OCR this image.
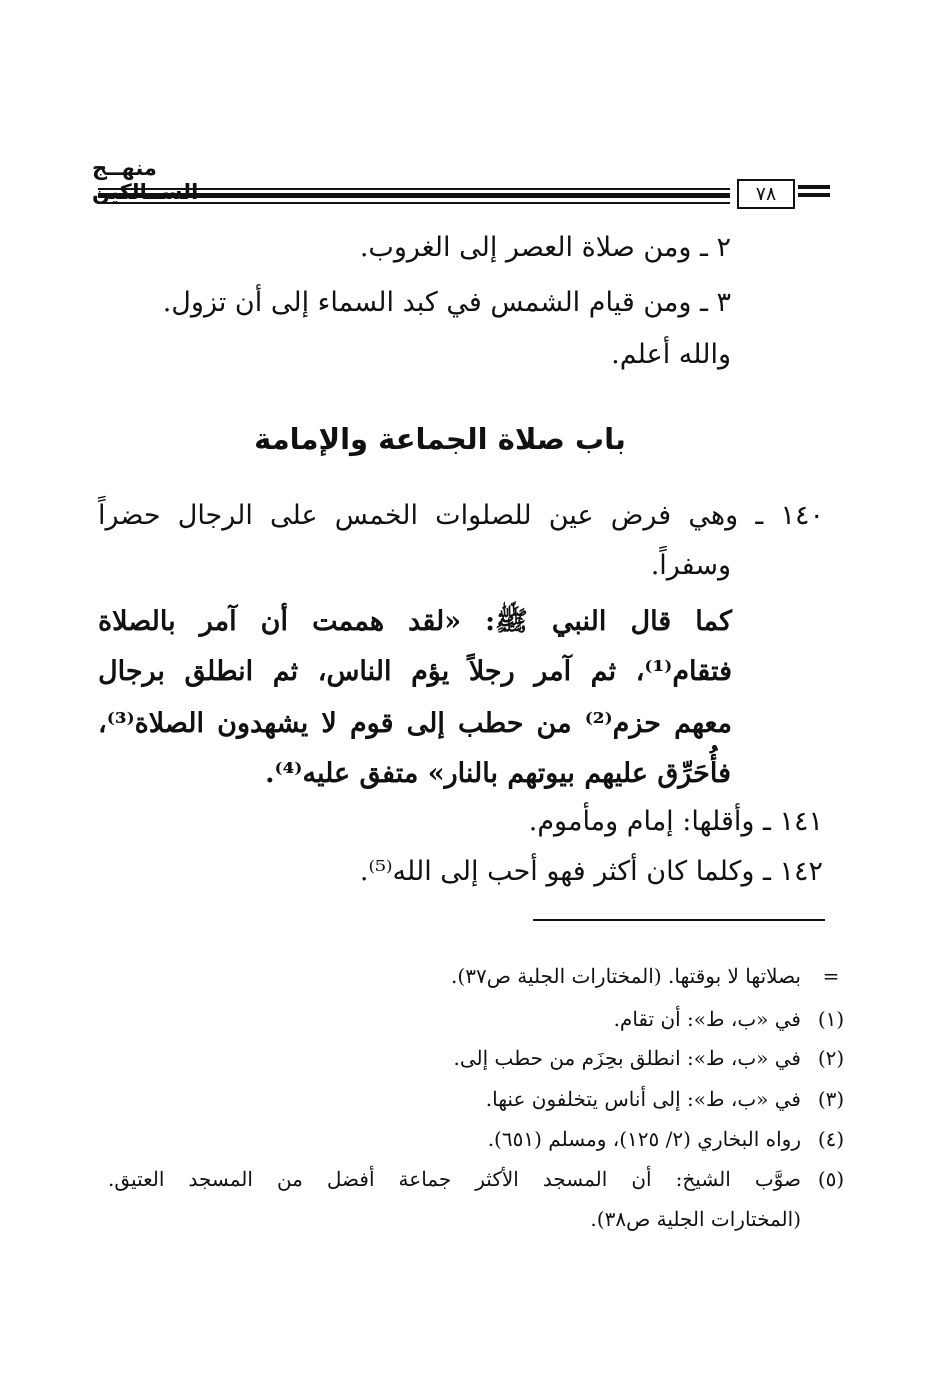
منهــج الســالكين	٧٨
٢ ـ ومن صلاة العصر إلى الغروب.
٣ ـ ومن قيام الشمس في كبد السماء إلى أن تزول.
والله أعلم.
باب صلاة الجماعة والإمامة
١٤٠ ـ وهي فرض عين للصلوات الخمس على الرجال حضراً
وسفراً.
كما قال النبي ﷺ: «لقد هممت أن آمر بالصلاة
فتقام⁽¹⁾، ثم آمر رجلاً يؤم الناس، ثم انطلق برجال
معهم حزم⁽²⁾ من حطب إلى قوم لا يشهدون الصلاة⁽³⁾،
فأُحَرِّق عليهم بيوتهم بالنار» متفق عليه⁽⁴⁾.
١٤١ ـ وأقلها: إمام ومأموم.
١٤٢ ـ وكلما كان أكثر فهو أحب إلى الله⁽⁵⁾.
=
بصلاتها لا بوقتها. (المختارات الجلية ص٣٧).
(١)
في «ب، ط»: أن تقام.
(٢)
في «ب، ط»: انطلق بحِزَم من حطب إلى.
(٣)
في «ب، ط»: إلى أناس يتخلفون عنها.
(٤)
رواه البخاري (٢/ ١٢٥)، ومسلم (٦٥١).
(٥)
صوَّب الشيخ: أن المسجد الأكثر جماعة أفضل من المسجد العتيق.
(المختارات الجلية ص٣٨).
